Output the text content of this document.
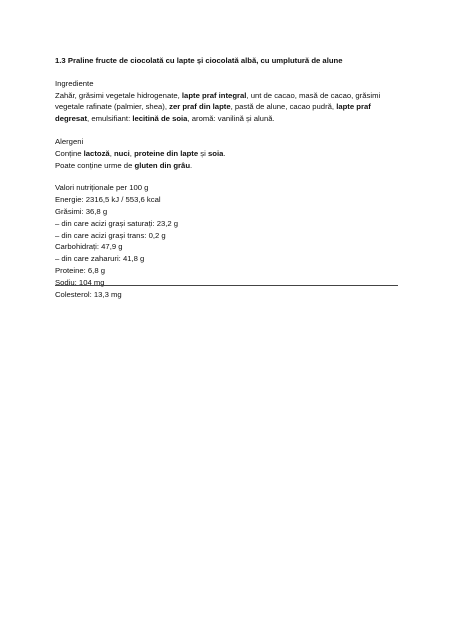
1.3 Praline fructe de ciocolată cu lapte și ciocolată albă, cu umplutură de alune
Ingrediente
Zahăr, grăsimi vegetale hidrogenate, lapte praf integral, unt de cacao, masă de cacao, grăsimi vegetale rafinate (palmier, shea), zer praf din lapte, pastă de alune, cacao pudră, lapte praf degresat, emulsifiant: lecitină de soia, aromă: vanilină și alună.
Alergeni
Conține lactoză, nuci, proteine din lapte și soia.
Poate conține urme de gluten din grâu.
Valori nutriționale per 100 g
Energie: 2316,5 kJ / 553,6 kcal
Grăsimi: 36,8 g
– din care acizi grași saturați: 23,2 g
– din care acizi grași trans: 0,2 g
Carbohidrați: 47,9 g
– din care zaharuri: 41,8 g
Proteine: 6,8 g
Sodiu: 104 mg
Colesterol: 13,3 mg
